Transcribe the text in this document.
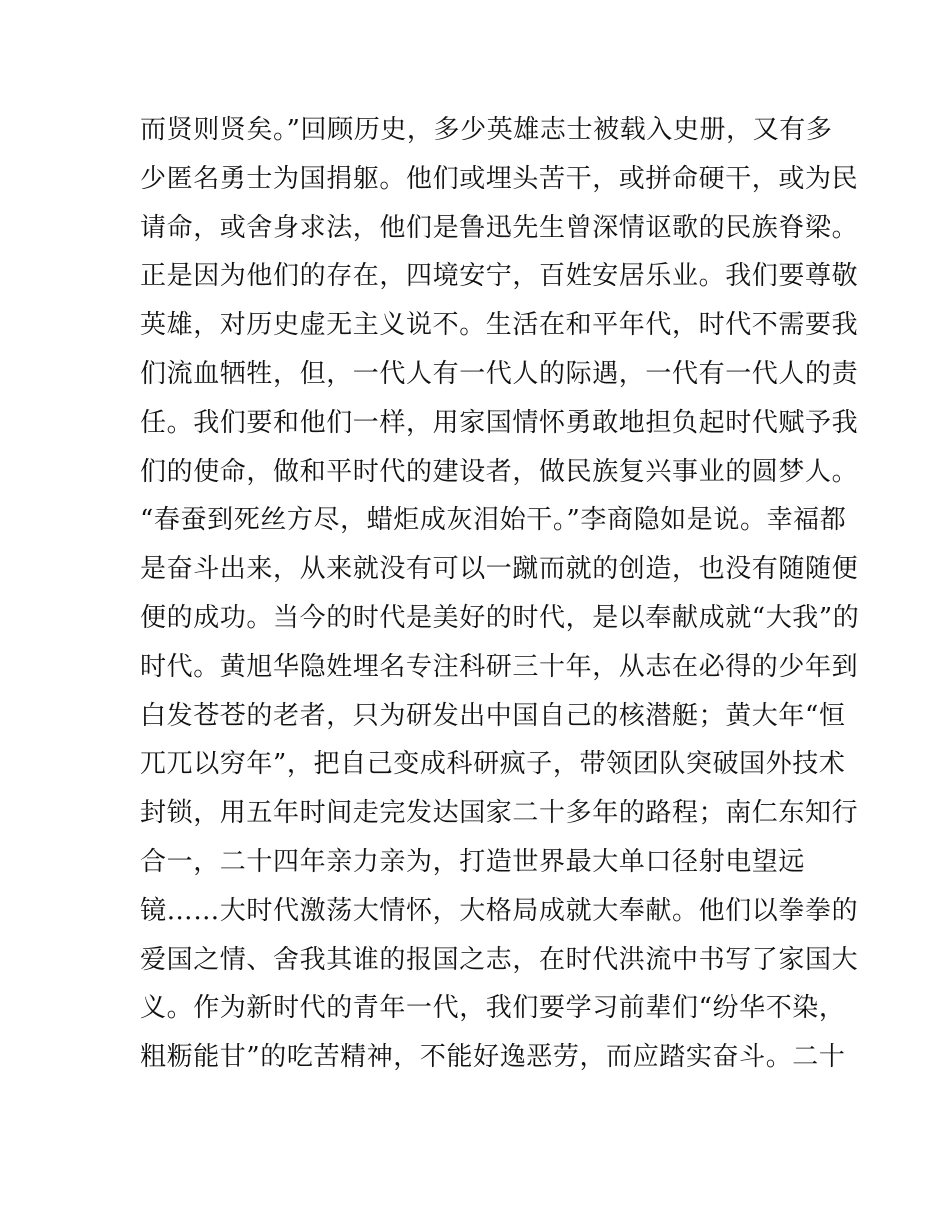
而贤则贤矣。”回顾历史，多少英雄志士被载入史册，又有多
少匿名勇士为国捐躯。他们或埋头苦干，或拼命硬干，或为民
请命，或舍身求法，他们是鲁迅先生曾深情讴歌的民族脊梁。
正是因为他们的存在，四境安宁，百姓安居乐业。我们要尊敬
英雄，对历史虚无主义说不。生活在和平年代，时代不需要我
们流血牺牲，但，一代人有一代人的际遇，一代有一代人的责
任。我们要和他们一样，用家国情怀勇敢地担负起时代赋予我
们的使命，做和平时代的建设者，做民族复兴事业的圆梦人。
“春蚕到死丝方尽，蜡炬成灰泪始干。”李商隐如是说。幸福都
是奋斗出来，从来就没有可以一蹴而就的创造，也没有随随便
便的成功。当今的时代是美好的时代，是以奉献成就“大我”的
时代。黄旭华隐姓埋名专注科研三十年，从志在必得的少年到
白发苍苍的老者，只为研发出中国自己的核潜艇；黄大年“恒
兀兀以穷年”，把自己变成科研疯子，带领团队突破国外技术
封锁，用五年时间走完发达国家二十多年的路程；南仁东知行
合一，二十四年亲力亲为，打造世界最大单口径射电望远
镜……大时代激荡大情怀，大格局成就大奉献。他们以拳拳的
爱国之情、舍我其谁的报国之志，在时代洪流中书写了家国大
义。作为新时代的青年一代，我们要学习前辈们“纷华不染，
粗粝能甘”的吃苦精神，不能好逸恶劳，而应踏实奋斗。二十
